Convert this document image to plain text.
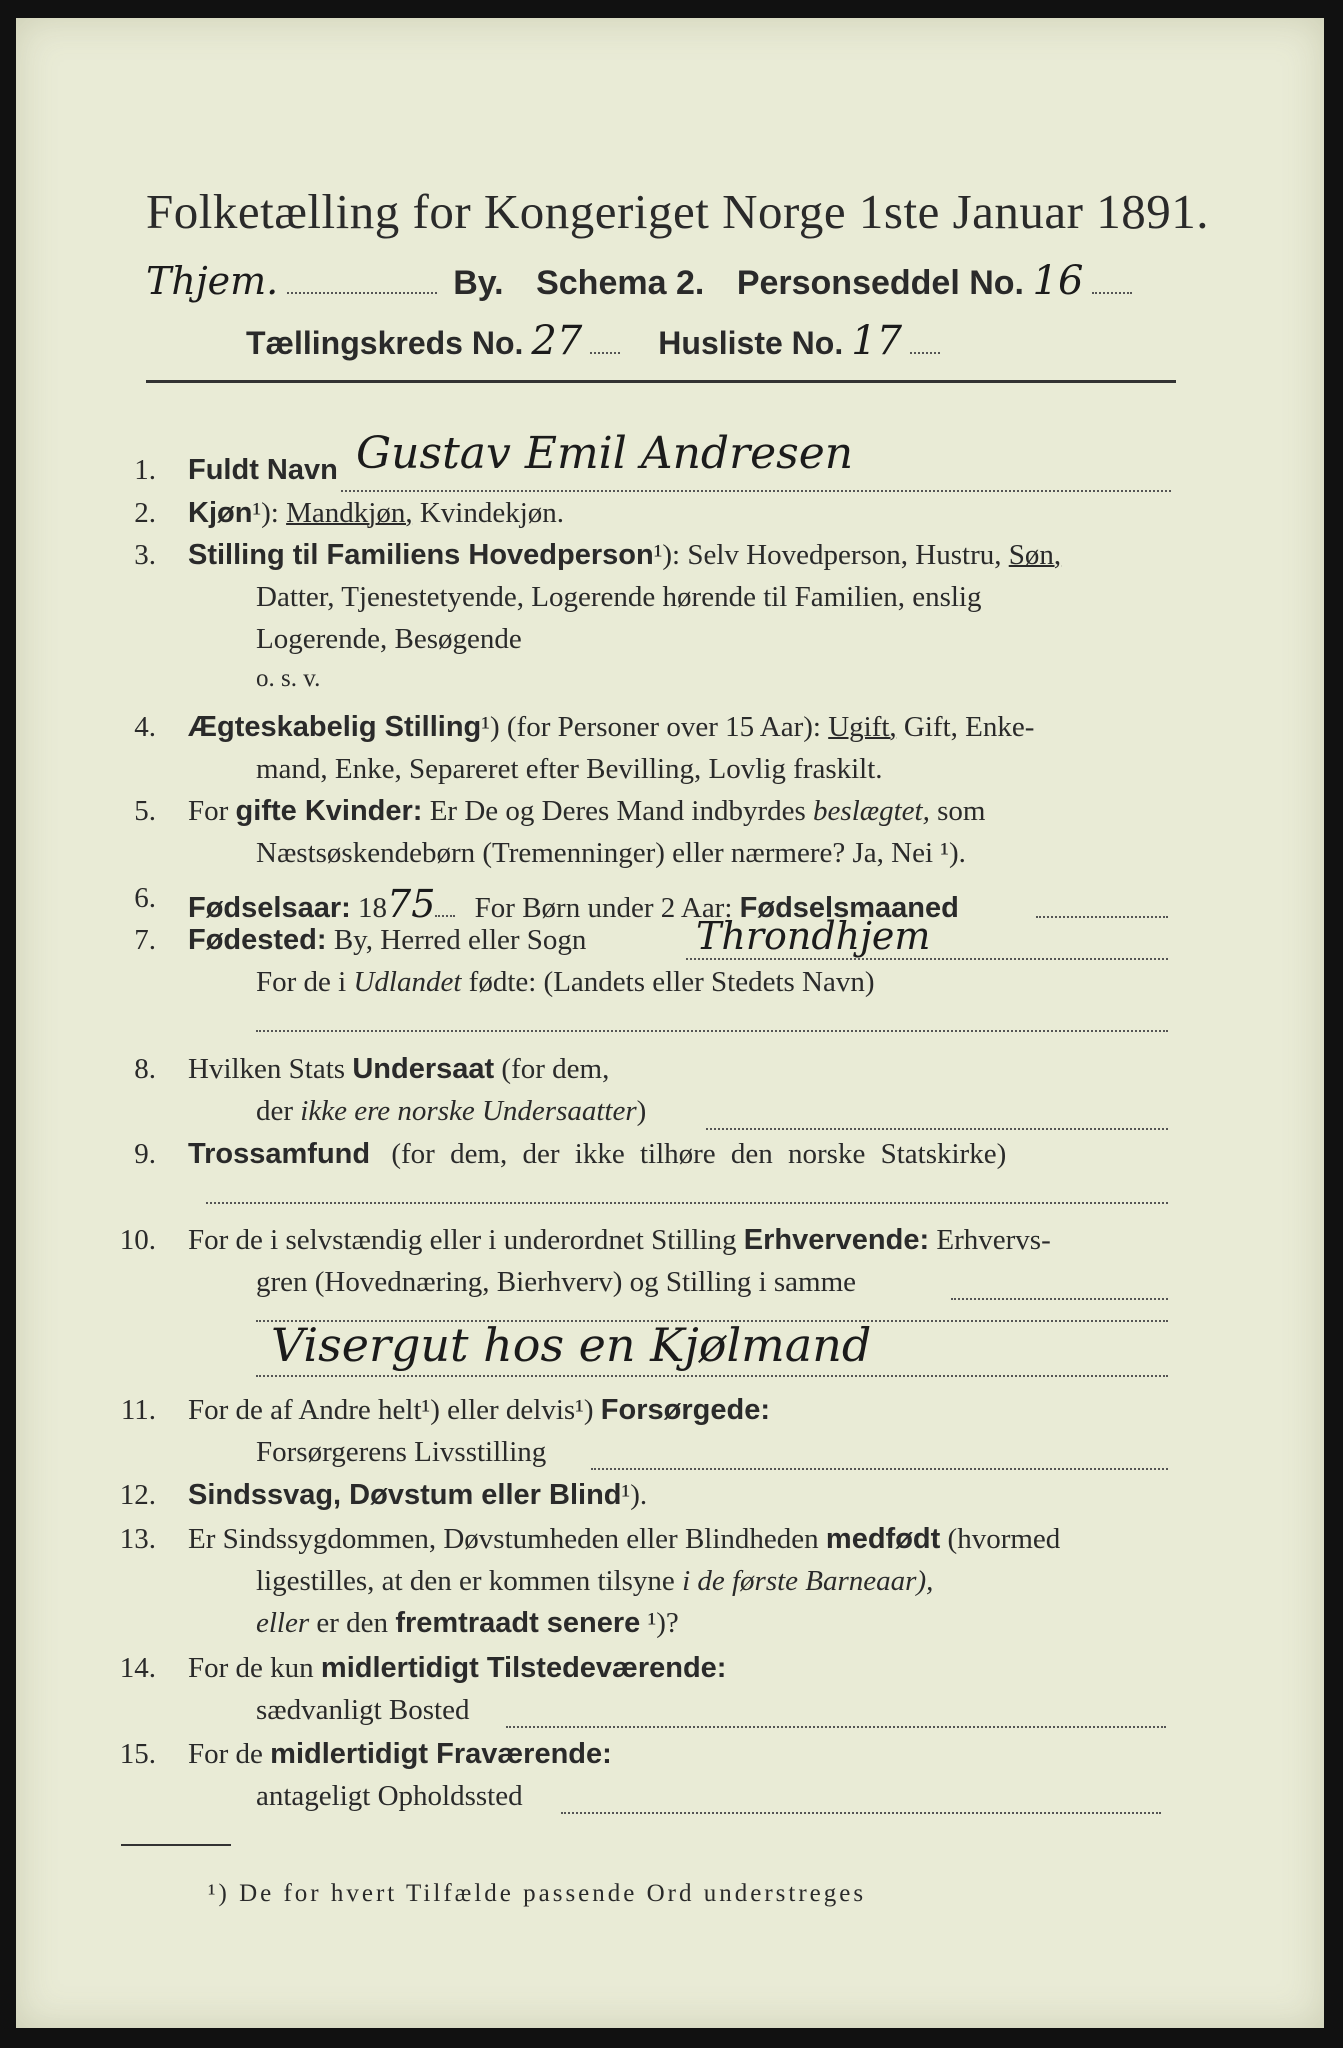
Folketælling for Kongeriget Norge 1ste Januar 1891.
Thjem.	By. Schema 2. Personseddel No. 16
Tællingskreds No. 27 Husliste No. 17
1. Fuldt Navn Gustav Emil Andresen
2. Kjøn¹): Mandkjøn, Kvindekjøn.
3. Stilling til Familiens Hovedperson¹): Selv Hovedperson, Hustru, Søn,
Datter, Tjenestetyende, Logerende hørende til Familien, enslig
Logerende, Besøgende
o. s. v.
4. Ægteskabelig Stilling¹) (for Personer over 15 Aar): Ugift, Gift, Enke-
mand, Enke, Separeret efter Bevilling, Lovlig fraskilt.
5. For gifte Kvinder: Er De og Deres Mand indbyrdes beslægtet, som
Næstsøskendebørn (Tremenninger) eller nærmere? Ja, Nei ¹).
6. Fødselsaar: 1875 For Børn under 2 Aar: Fødselsmaaned
7. Fødested: By, Herred eller Sogn	Throndhjem
For de i Udlandet fødte: (Landets eller Stedets Navn)
8. Hvilken Stats Undersaat (for dem,
der ikke ere norske Undersaatter)
9. Trossamfund (for dem, der ikke tilhøre den norske Statskirke)
10. For de i selvstændig eller i underordnet Stilling Erhvervende: Erhvervs-
gren (Hovednæring, Bierhverv) og Stilling i samme
Visergut hos en Kjølmand
11. For de af Andre helt¹) eller delvis¹) Forsørgede:
Forsørgerens Livsstilling
12. Sindssvag, Døvstum eller Blind¹).
13. Er Sindssygdommen, Døvstumheden eller Blindheden medfødt (hvormed
ligestilles, at den er kommen tilsyne i de første Barneaar),
eller er den fremtraadt senere ¹)?
14. For de kun midlertidigt Tilstedeværende:
sædvanligt Bosted
15. For de midlertidigt Fraværende:
antageligt Opholdssted
¹) De for hvert Tilfælde passende Ord understreges
